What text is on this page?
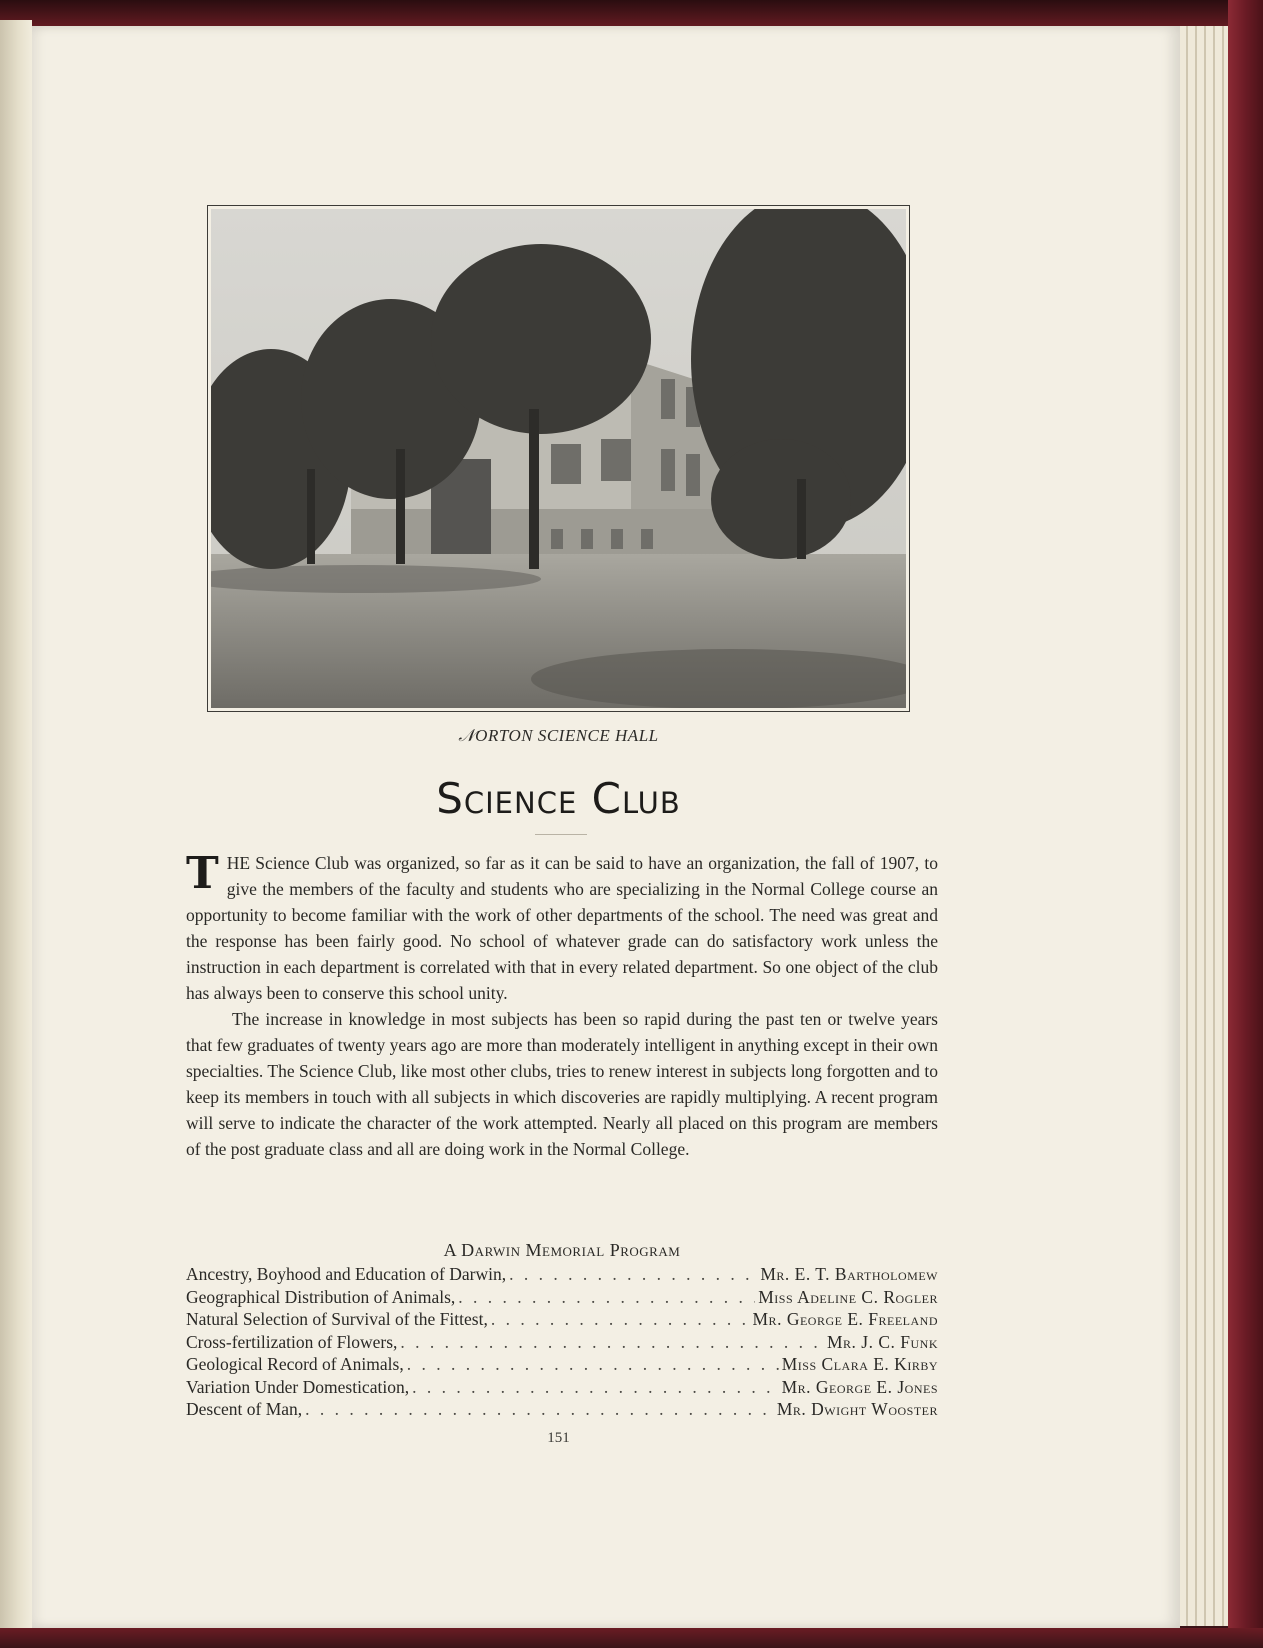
𝒩ORTON SCIENCE HALL
Science Club

THE Science Club was organized, so far as it can be said to have an organization, the fall of 1907, to give the members of the faculty and students who are specializing in the Normal College course an opportunity to become familiar with the work of other departments of the school. The need was great and the response has been fairly good. No school of whatever grade can do satisfactory work unless the instruction in each department is correlated with that in every related department. So one object of the club has always been to conserve this school unity.

The increase in knowledge in most subjects has been so rapid during the past ten or twelve years that few graduates of twenty years ago are more than moderately intelligent in anything except in their own specialties. The Science Club, like most other clubs, tries to renew interest in subjects long forgotten and to keep its members in touch with all subjects in which discoveries are rapidly multiplying. A recent program will serve to indicate the character of the work attempted. Nearly all placed on this program are members of the post graduate class and all are doing work in the Normal College.

A Darwin Memorial Program
Ancestry, Boyhood and Education of Darwin, . . .	Mr. E. T. Bartholomew
Geographical Distribution of Animals, . . .	Miss Adeline C. Rogler
Natural Selection of Survival of the Fittest, . . .	Mr. George E. Freeland
Cross-fertilization of Flowers, . . .	Mr. J. C. Funk
Geological Record of Animals, . . .	Miss Clara E. Kirby
Variation Under Domestication, . . .	Mr. George E. Jones
Descent of Man, . . .	Mr. Dwight Wooster
151
